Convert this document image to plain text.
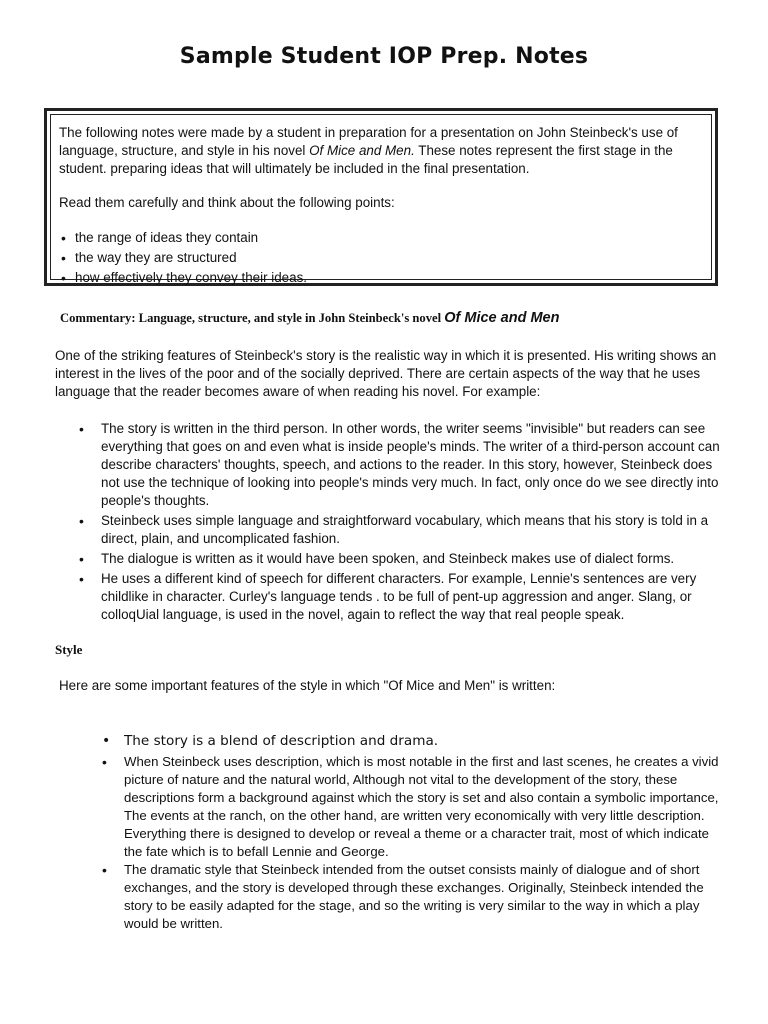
Sample Student IOP Prep. Notes

The following notes were made by a student in preparation for a presentation on John Steinbeck's use of language, structure, and style in his novel Of Mice and Men. These notes represent the first stage in the student. preparing ideas that will ultimately be included in the final presentation.

Read them carefully and think about the following points:

• the range of ideas they contain
• the way they are structured
• how effectively they convey their ideas.

Commentary: Language, structure, and style in John Steinbeck's novel Of Mice and Men

One of the striking features of Steinbeck's story is the realistic way in which it is presented. His writing shows an interest in the lives of the poor and of the socially deprived. There are certain aspects of the way that he uses language that the reader becomes aware of when reading his novel. For example:

• The story is written in the third person. In other words, the writer seems "invisible" but readers can see everything that goes on and even what is inside people's minds. The writer of a third-person account can describe characters' thoughts, speech, and actions to the reader. In this story, however, Steinbeck does not use the technique of looking into people's minds very much. In fact, only once do we see directly into people's thoughts.
• Steinbeck uses simple language and straightforward vocabulary, which means that his story is told in a direct, plain, and uncomplicated fashion.
• The dialogue is written as it would have been spoken, and Steinbeck makes use of dialect forms.
• He uses a different kind of speech for different characters. For example, Lennie's sentences are very childlike in character. Curley's language tends . to be full of pent-up aggression and anger. Slang, or colloqUial language, is used in the novel, again to reflect the way that real people speak.

Style

Here are some important features of the style in which "Of Mice and Men" is written:

• The story is a blend of description and drama.
• When Steinbeck uses description, which is most notable in the first and last scenes, he creates a vivid picture of nature and the natural world, Although not vital to the development of the story, these descriptions form a background against which the story is set and also contain a symbolic importance, The events at the ranch, on the other hand, are written very economically with very little description. Everything there is designed to develop or reveal a theme or a character trait, most of which indicate the fate which is to befall Lennie and George.
• The dramatic style that Steinbeck intended from the outset consists mainly of dialogue and of short exchanges, and the story is developed through these exchanges. Originally, Steinbeck intended the story to be easily adapted for the stage, and so the writing is very similar to the way in which a play would be written.
